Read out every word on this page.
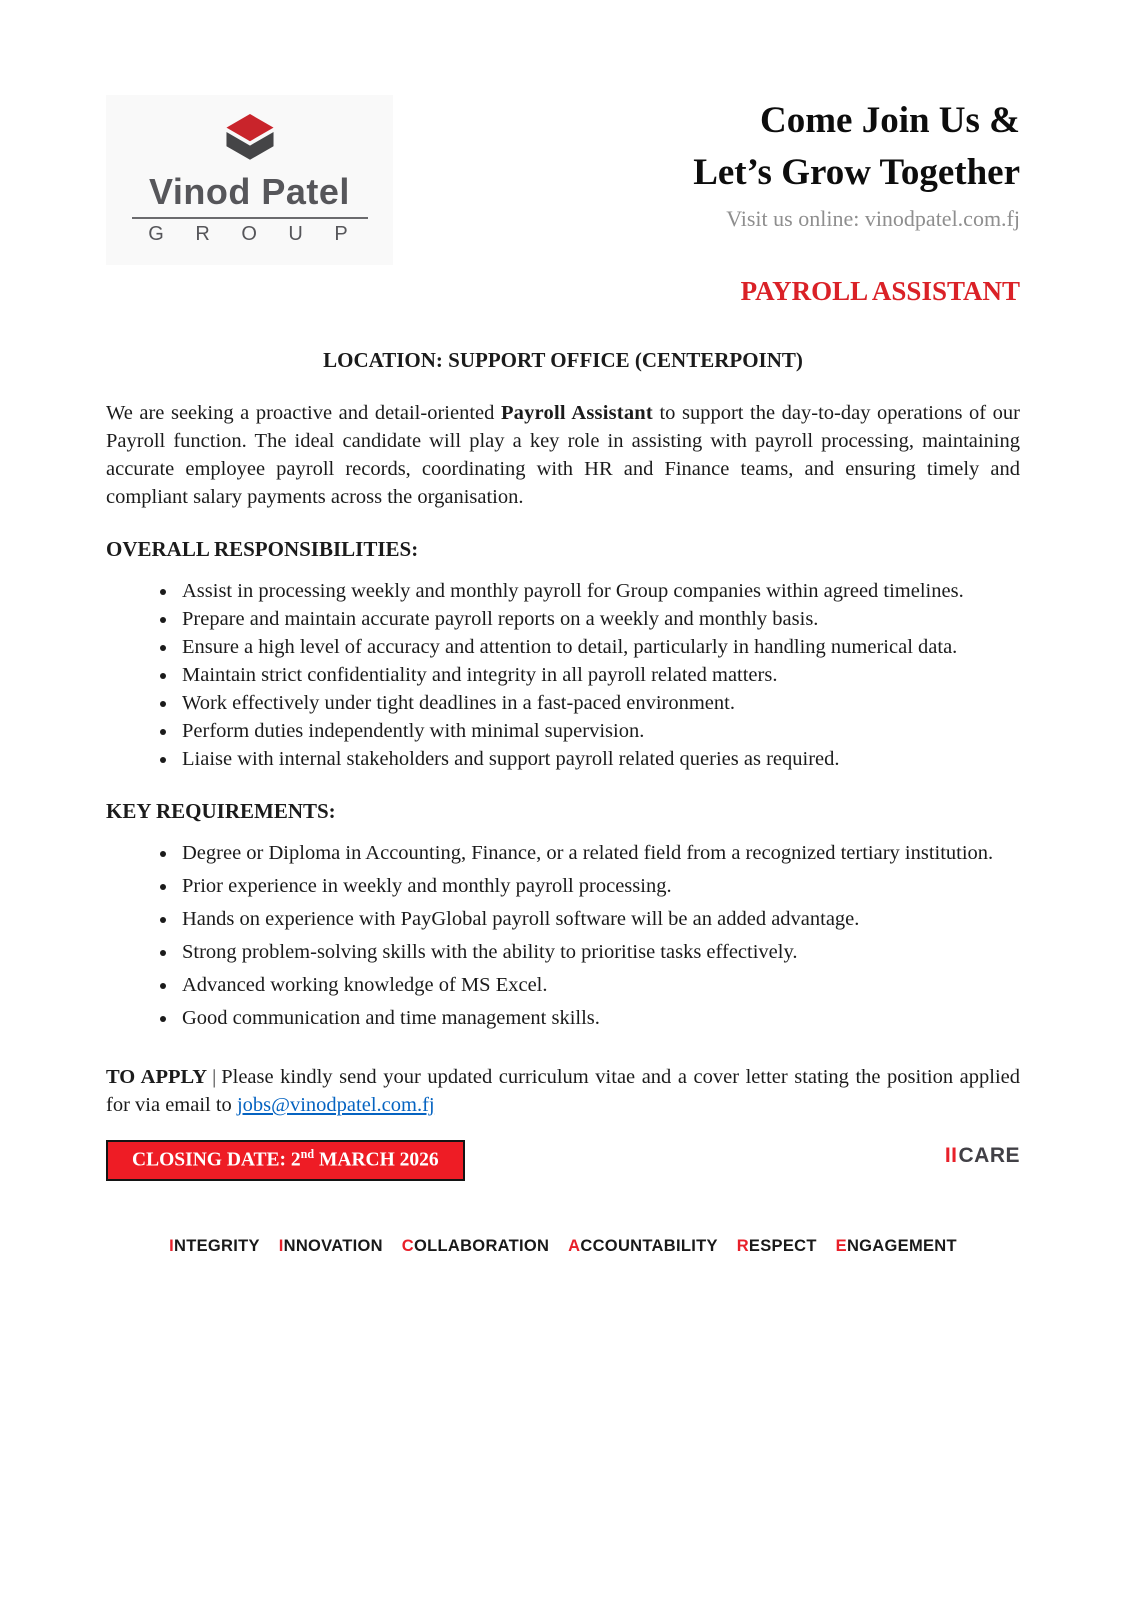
Vinod Patel
G R O U P
Come Join Us &
Let’s Grow Together
Visit us online: vinodpatel.com.fj
PAYROLL ASSISTANT
LOCATION: SUPPORT OFFICE (CENTERPOINT)

We are seeking a proactive and detail-oriented Payroll Assistant to support the day-to-day operations of our Payroll function. The ideal candidate will play a key role in assisting with payroll processing, maintaining accurate employee payroll records, coordinating with HR and Finance teams, and ensuring timely and compliant salary payments across the organisation.

OVERALL RESPONSIBILITIES:
• Assist in processing weekly and monthly payroll for Group companies within agreed timelines.
• Prepare and maintain accurate payroll reports on a weekly and monthly basis.
• Ensure a high level of accuracy and attention to detail, particularly in handling numerical data.
• Maintain strict confidentiality and integrity in all payroll related matters.
• Work effectively under tight deadlines in a fast-paced environment.
• Perform duties independently with minimal supervision.
• Liaise with internal stakeholders and support payroll related queries as required.
KEY REQUIREMENTS:
• Degree or Diploma in Accounting, Finance, or a related field from a recognized tertiary institution.
• Prior experience in weekly and monthly payroll processing.
• Hands on experience with PayGlobal payroll software will be an added advantage.
• Strong problem-solving skills with the ability to prioritise tasks effectively.
• Advanced working knowledge of MS Excel.
• Good communication and time management skills.

TO APPLY | Please kindly send your updated curriculum vitae and a cover letter stating the position applied for via email to jobs@vinodpatel.com.fj

CLOSING DATE: 2nd MARCH 2026	IICARE
INTEGRITY INNOVATION COLLABORATION ACCOUNTABILITY RESPECT ENGAGEMENT
